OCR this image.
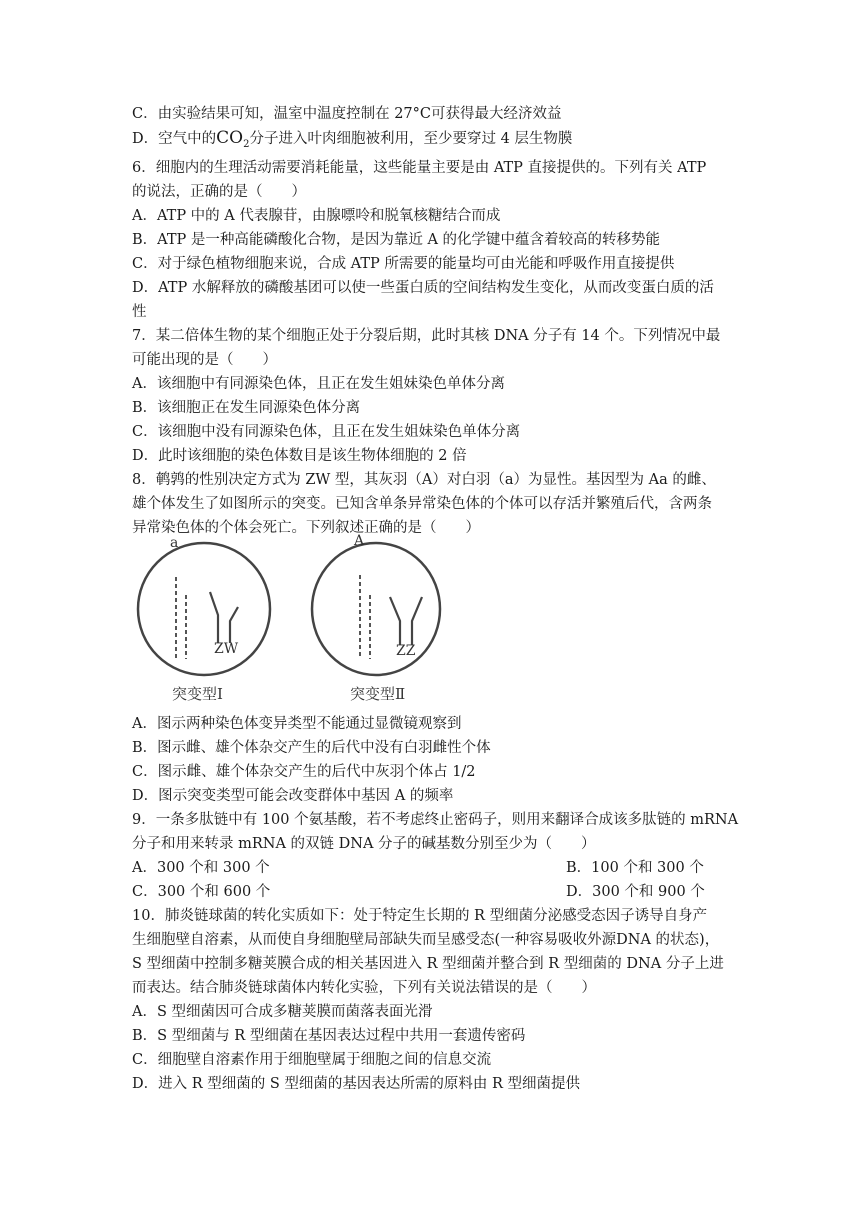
C．由实验结果可知，温室中温度控制在 27°C可获得最大经济效益
D．空气中的$CO_2$分子进入叶肉细胞被利用，至少要穿过 4 层生物膜
6．细胞内的生理活动需要消耗能量，这些能量主要是由 ATP 直接提供的。下列有关 ATP
的说法，正确的是（　　）
A．ATP 中的 A 代表腺苷，由腺嘌呤和脱氧核糖结合而成
B．ATP 是一种高能磷酸化合物，是因为靠近 A 的化学键中蕴含着较高的转移势能
C．对于绿色植物细胞来说，合成 ATP 所需要的能量均可由光能和呼吸作用直接提供
D．ATP 水解释放的磷酸基团可以使一些蛋白质的空间结构发生变化，从而改变蛋白质的活
性
7．某二倍体生物的某个细胞正处于分裂后期，此时其核 DNA 分子有 14 个。下列情况中最
可能出现的是（　　）
A．该细胞中有同源染色体，且正在发生姐妹染色单体分离
B．该细胞正在发生同源染色体分离
C．该细胞中没有同源染色体，且正在发生姐妹染色单体分离
D．此时该细胞的染色体数目是该生物体细胞的 2 倍
8．鹌鹑的性别决定方式为 ZW 型，其灰羽（A）对白羽（a）为显性。基因型为 Aa 的雌、
雄个体发生了如图所示的突变。已知含单条异常染色体的个体可以存活并繁殖后代，含两条
异常染色体的个体会死亡。下列叙述正确的是（　　）
a
ZW
突变型Ⅰ
A
ZZ
突变型Ⅱ
A．图示两种染色体变异类型不能通过显微镜观察到
B．图示雌、雄个体杂交产生的后代中没有白羽雌性个体
C．图示雌、雄个体杂交产生的后代中灰羽个体占 1/2
D．图示突变类型可能会改变群体中基因 A 的频率
9．一条多肽链中有 100 个氨基酸，若不考虑终止密码子，则用来翻译合成该多肽链的 mRNA
分子和用来转录 mRNA 的双链 DNA 分子的碱基数分别至少为（　　）
A．300 个和 300 个	B．100 个和 300 个
C．300 个和 600 个	D．300 个和 900 个
10．肺炎链球菌的转化实质如下：处于特定生长期的 R 型细菌分泌感受态因子诱导自身产
生细胞壁自溶素，从而使自身细胞壁局部缺失而呈感受态(一种容易吸收外源DNA 的状态)，
S 型细菌中控制多糖荚膜合成的相关基因进入 R 型细菌并整合到 R 型细菌的 DNA 分子上进
而表达。结合肺炎链球菌体内转化实验，下列有关说法错误的是（　　）
A．S 型细菌因可合成多糖荚膜而菌落表面光滑
B．S 型细菌与 R 型细菌在基因表达过程中共用一套遗传密码
C．细胞壁自溶素作用于细胞壁属于细胞之间的信息交流
D．进入 R 型细菌的 S 型细菌的基因表达所需的原料由 R 型细菌提供
